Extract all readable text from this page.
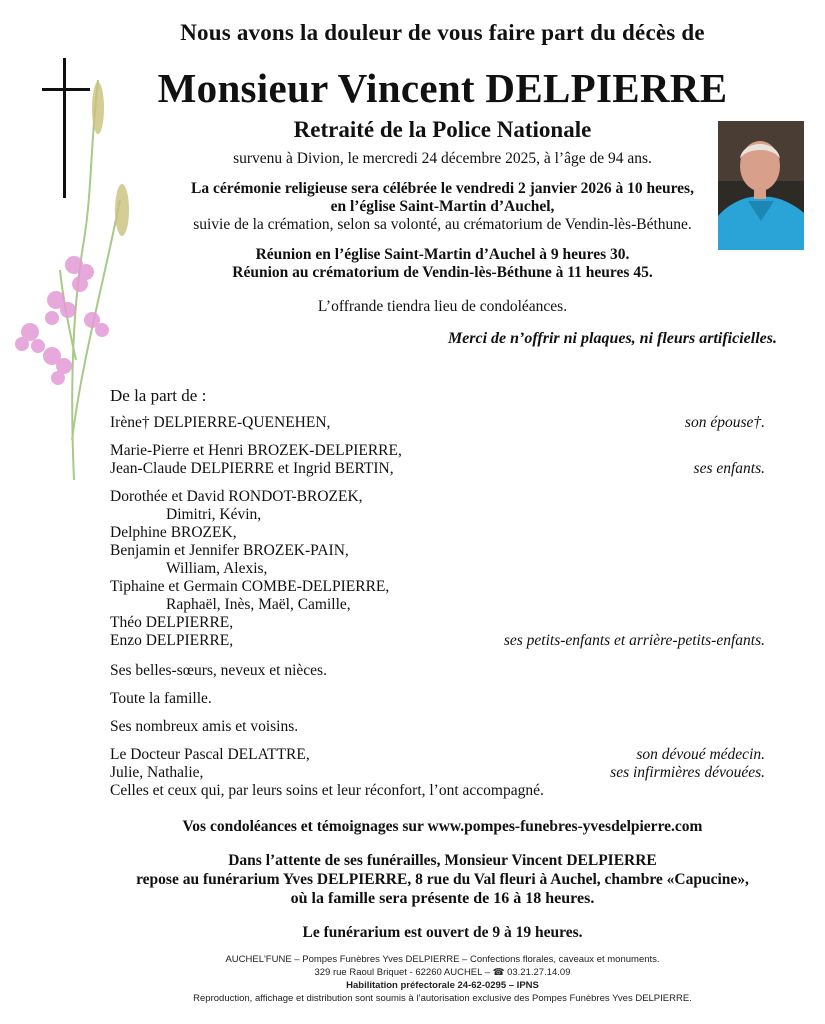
Nous avons la douleur de vous faire part du décès de
Monsieur Vincent DELPIERRE
Retraité de la Police Nationale
survenu à Divion, le mercredi 24 décembre 2025, à l’âge de 94 ans.
La cérémonie religieuse sera célébrée le vendredi 2 janvier 2026 à 10 heures,
en l’église Saint-Martin d’Auchel,
suivie de la crémation, selon sa volonté, au crématorium de Vendin-lès-Béthune.
Réunion en l’église Saint-Martin d’Auchel à 9 heures 30.
Réunion au crématorium de Vendin-lès-Béthune à 11 heures 45.
L’offrande tiendra lieu de condoléances.
Merci de n’offrir ni plaques, ni fleurs artificielles.
De la part de :
Irène† DELPIERRE-QUENEHEN,	son épouse†.
Marie-Pierre et Henri BROZEK-DELPIERRE,
Jean-Claude DELPIERRE et Ingrid BERTIN,	ses enfants.
Dorothée et David RONDOT-BROZEK,
Dimitri, Kévin,
Delphine BROZEK,
Benjamin et Jennifer BROZEK-PAIN,
William, Alexis,
Tiphaine et Germain COMBE-DELPIERRE,
Raphaël, Inès, Maël, Camille,
Théo DELPIERRE,
Enzo DELPIERRE,	ses petits-enfants et arrière-petits-enfants.
Ses belles-sœurs, neveux et nièces.
Toute la famille.
Ses nombreux amis et voisins.
Le Docteur Pascal DELATTRE,	son dévoué médecin.
Julie, Nathalie,	ses infirmières dévouées.
Celles et ceux qui, par leurs soins et leur réconfort, l’ont accompagné.
Vos condoléances et témoignages sur www.pompes-funebres-yvesdelpierre.com
Dans l’attente de ses funérailles, Monsieur Vincent DELPIERRE
repose au funérarium Yves DELPIERRE, 8 rue du Val fleuri à Auchel, chambre «Capucine»,
où la famille sera présente de 16 à 18 heures.
Le funérarium est ouvert de 9 à 19 heures.
AUCHEL'FUNE – Pompes Funèbres Yves DELPIERRE – Confections florales, caveaux et monuments.
329 rue Raoul Briquet - 62260 AUCHEL – ☎ 03.21.27.14.09
Habilitation préfectorale 24-62-0295 – IPNS
Reproduction, affichage et distribution sont soumis à l’autorisation exclusive des Pompes Funèbres Yves DELPIERRE.
